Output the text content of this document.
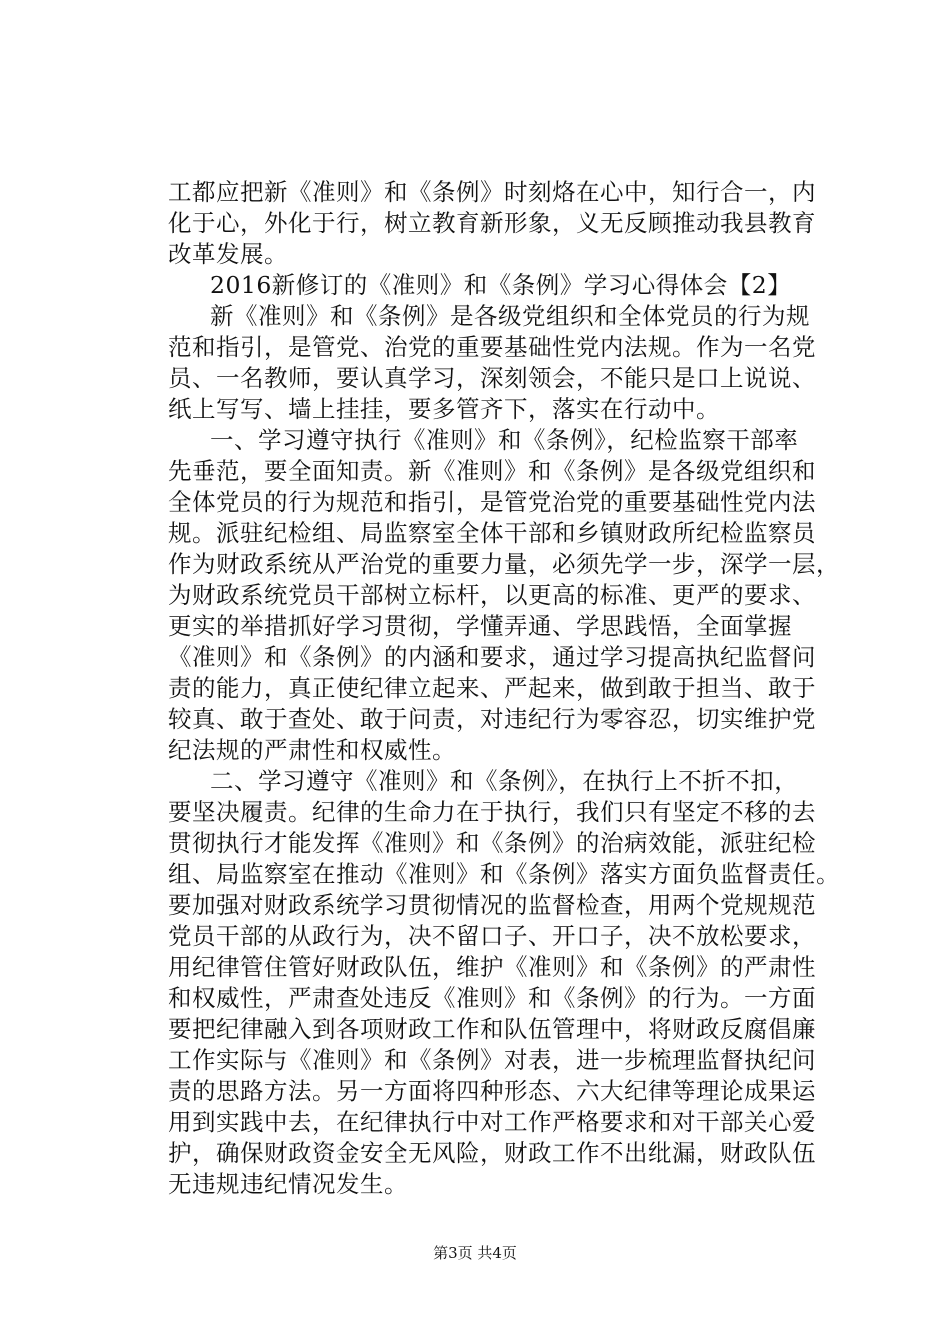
工都应把新《准则》和《条例》时刻烙在心中，知行合一，内
化于心，外化于行，树立教育新形象，义无反顾推动我县教育
改革发展。
2016新修订的《准则》和《条例》学习心得体会【2】
新《准则》和《条例》是各级党组织和全体党员的行为规
范和指引，是管党、治党的重要基础性党内法规。作为一名党
员、一名教师，要认真学习，深刻领会，不能只是口上说说、
纸上写写、墙上挂挂，要多管齐下，落实在行动中。
一、学习遵守执行《准则》和《条例》，纪检监察干部率
先垂范，要全面知责。新《准则》和《条例》是各级党组织和
全体党员的行为规范和指引，是管党治党的重要基础性党内法
规。派驻纪检组、局监察室全体干部和乡镇财政所纪检监察员
作为财政系统从严治党的重要力量，必须先学一步，深学一层，
为财政系统党员干部树立标杆，以更高的标准、更严的要求、
更实的举措抓好学习贯彻，学懂弄通、学思践悟，全面掌握
《准则》和《条例》的内涵和要求，通过学习提高执纪监督问
责的能力，真正使纪律立起来、严起来，做到敢于担当、敢于
较真、敢于查处、敢于问责，对违纪行为零容忍，切实维护党
纪法规的严肃性和权威性。
二、学习遵守《准则》和《条例》，在执行上不折不扣，
要坚决履责。纪律的生命力在于执行，我们只有坚定不移的去
贯彻执行才能发挥《准则》和《条例》的治病效能，派驻纪检
组、局监察室在推动《准则》和《条例》落实方面负监督责任。
要加强对财政系统学习贯彻情况的监督检查，用两个党规规范
党员干部的从政行为，决不留口子、开口子，决不放松要求，
用纪律管住管好财政队伍，维护《准则》和《条例》的严肃性
和权威性，严肃查处违反《准则》和《条例》的行为。一方面
要把纪律融入到各项财政工作和队伍管理中，将财政反腐倡廉
工作实际与《准则》和《条例》对表，进一步梳理监督执纪问
责的思路方法。另一方面将四种形态、六大纪律等理论成果运
用到实践中去，在纪律执行中对工作严格要求和对干部关心爱
护，确保财政资金安全无风险，财政工作不出纰漏，财政队伍
无违规违纪情况发生。
第3页 共4页
